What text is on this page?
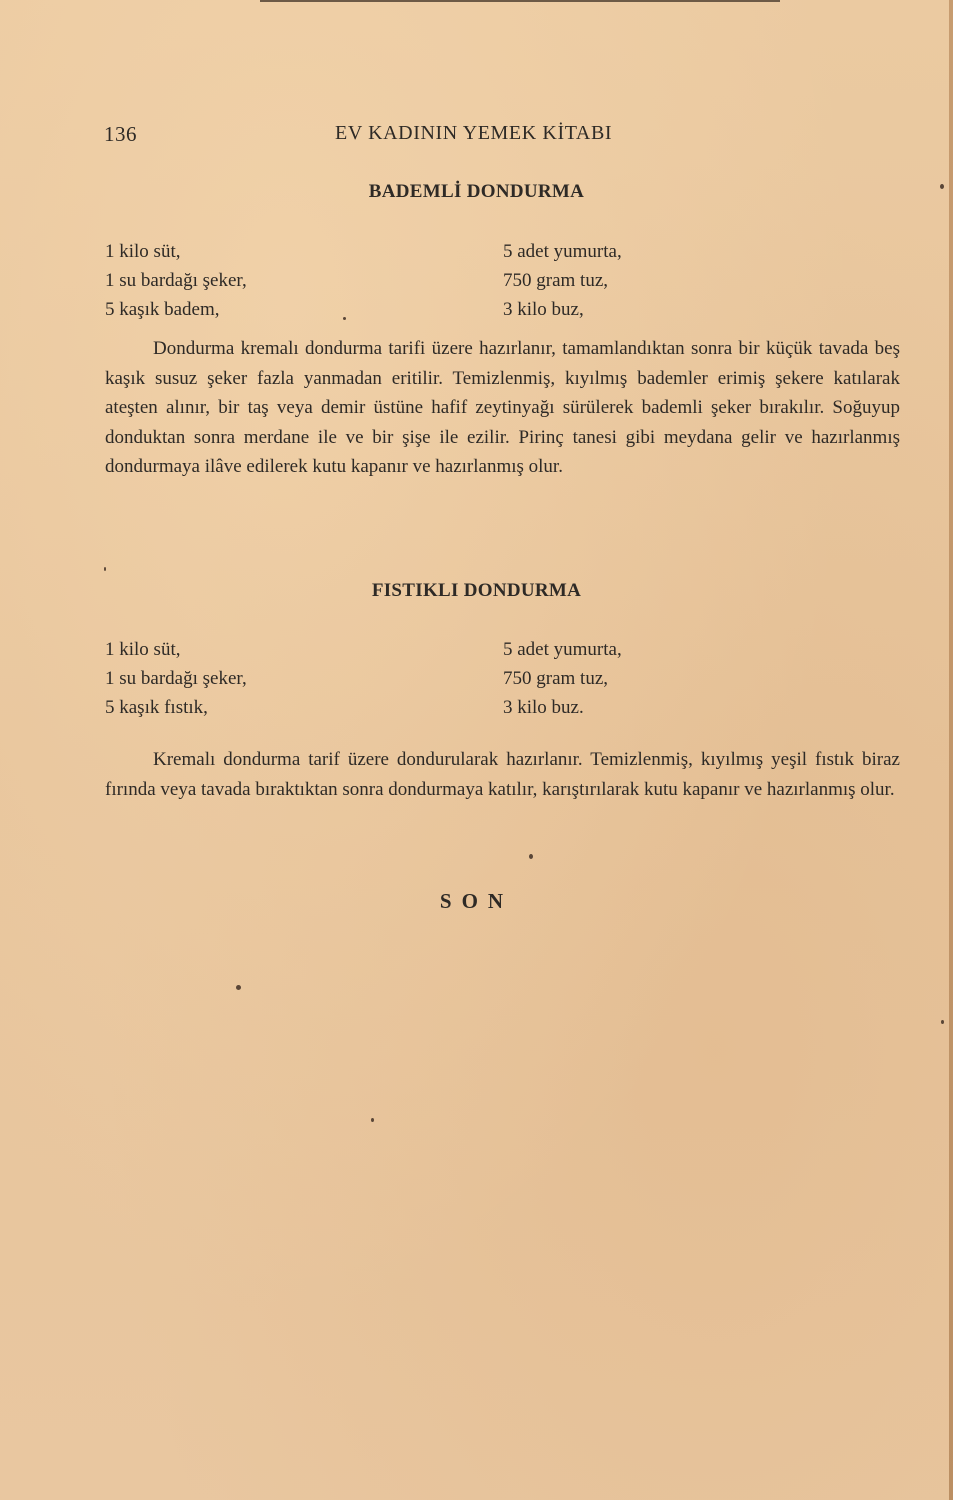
136	EV KADININ YEMEK KİTABI
BADEMLİ DONDURMA
1 kilo süt,
1 su bardağı şeker,
5 kaşık badem,
5 adet yumurta,
750 gram tuz,
3 kilo buz,

Dondurma kremalı dondurma tarifi üzere hazırlanır, tamamlandıktan sonra bir küçük tavada beş kaşık susuz şeker fazla yanmadan eritilir. Temizlenmiş, kıyılmış bademler erimiş şekere katılarak ateşten alınır, bir taş veya demir üstüne hafif zeytinyağı sürülerek bademli şeker bırakılır. Soğuyup donduktan sonra merdane ile ve bir şişe ile ezilir. Pirinç tanesi gibi meydana gelir ve hazırlanmış dondurmaya ilâve edilerek kutu kapanır ve hazırlanmış olur.

FISTIKLI DONDURMA
1 kilo süt,
1 su bardağı şeker,
5 kaşık fıstık,
5 adet yumurta,
750 gram tuz,
3 kilo buz.

Kremalı dondurma tarif üzere dondurularak hazırlanır. Temizlenmiş, kıyılmış yeşil fıstık biraz fırında veya tavada bıraktıktan sonra dondurmaya katılır, karıştırılarak kutu kapanır ve hazırlanmış olur.

SON
